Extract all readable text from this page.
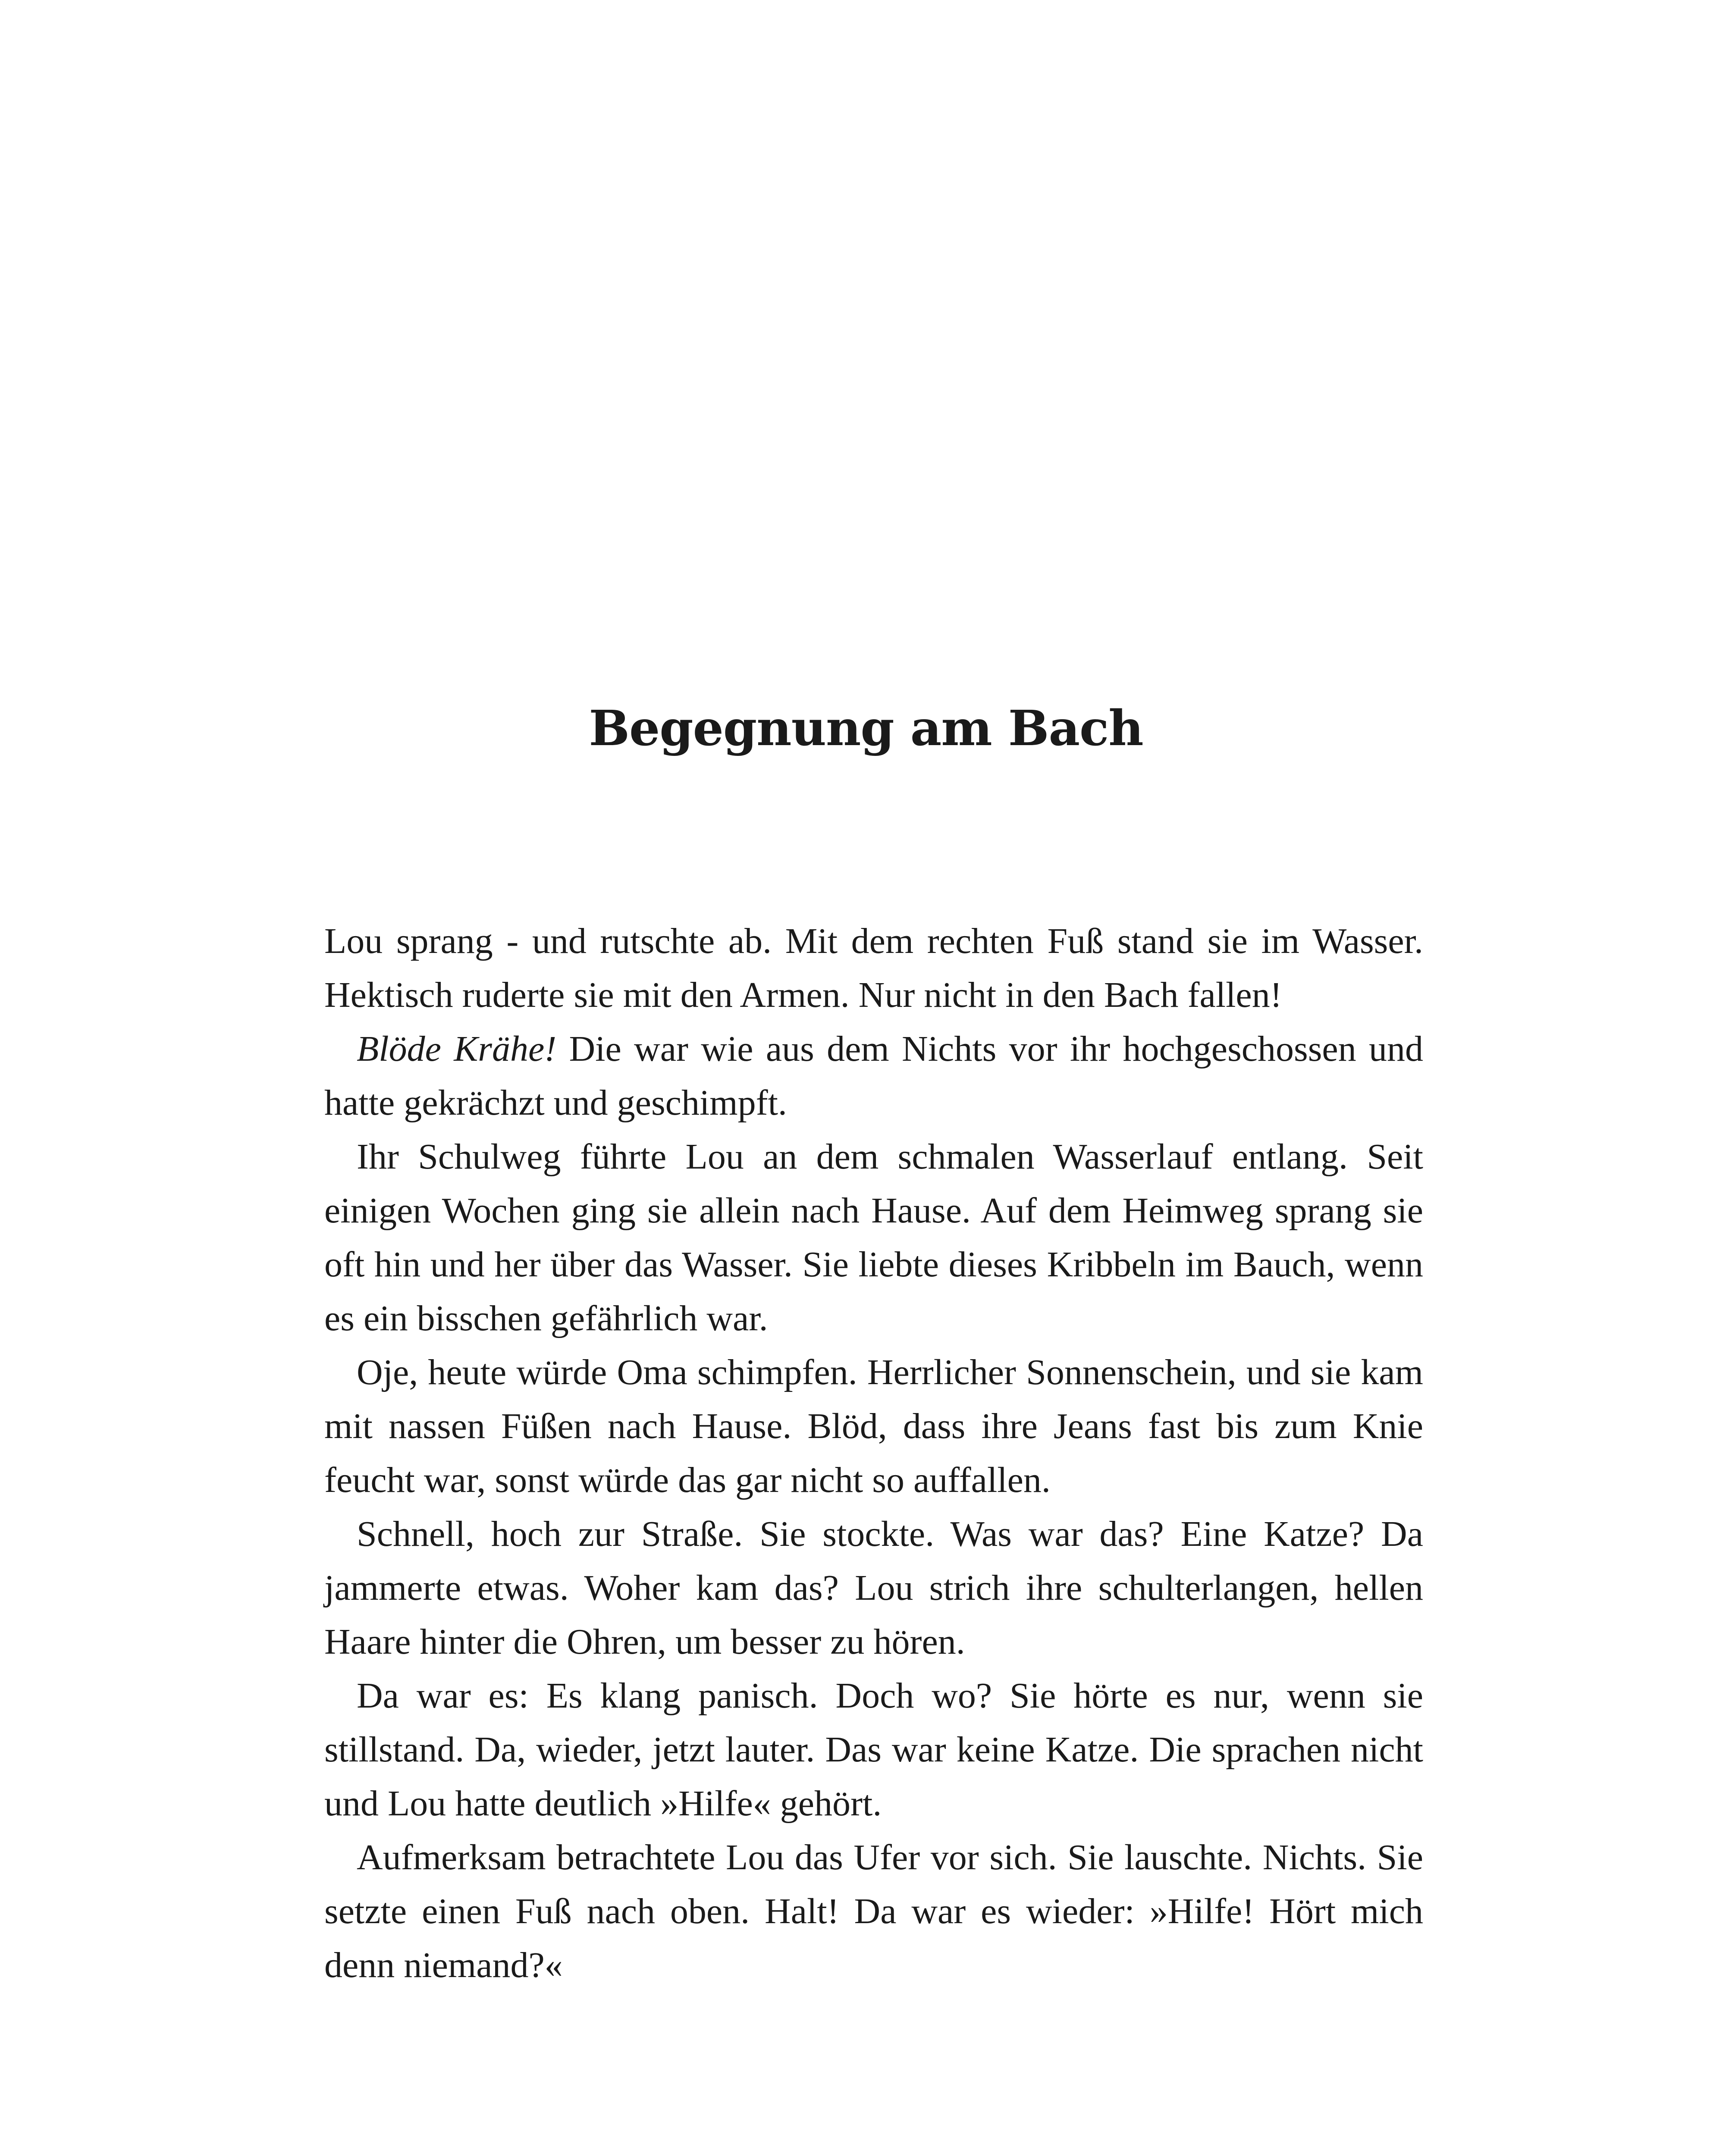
Begegnung am Bach

Lou sprang - und rutschte ab. Mit dem rechten Fuß stand sie im Wasser. Hektisch ruderte sie mit den Armen. Nur nicht in den Bach fallen!

Blöde Krähe! Die war wie aus dem Nichts vor ihr hochgeschossen und hatte gekrächzt und geschimpft.

Ihr Schulweg führte Lou an dem schmalen Wasserlauf entlang. Seit einigen Wochen ging sie allein nach Hause. Auf dem Heimweg sprang sie oft hin und her über das Wasser. Sie liebte dieses Kribbeln im Bauch, wenn es ein bisschen gefährlich war.

Oje, heute würde Oma schimpfen. Herrlicher Sonnenschein, und sie kam mit nassen Füßen nach Hause. Blöd, dass ihre Jeans fast bis zum Knie feucht war, sonst würde das gar nicht so auffallen.

Schnell, hoch zur Straße. Sie stockte. Was war das? Eine Katze? Da jammerte etwas. Woher kam das? Lou strich ihre schulterlangen, hellen Haare hinter die Ohren, um besser zu hören.

Da war es: Es klang panisch. Doch wo? Sie hörte es nur, wenn sie stillstand. Da, wieder, jetzt lauter. Das war keine Katze. Die sprachen nicht und Lou hatte deutlich »Hilfe« gehört.

Aufmerksam betrachtete Lou das Ufer vor sich. Sie lauschte. Nichts. Sie setzte einen Fuß nach oben. Halt! Da war es wieder: »Hilfe! Hört mich denn niemand?«
